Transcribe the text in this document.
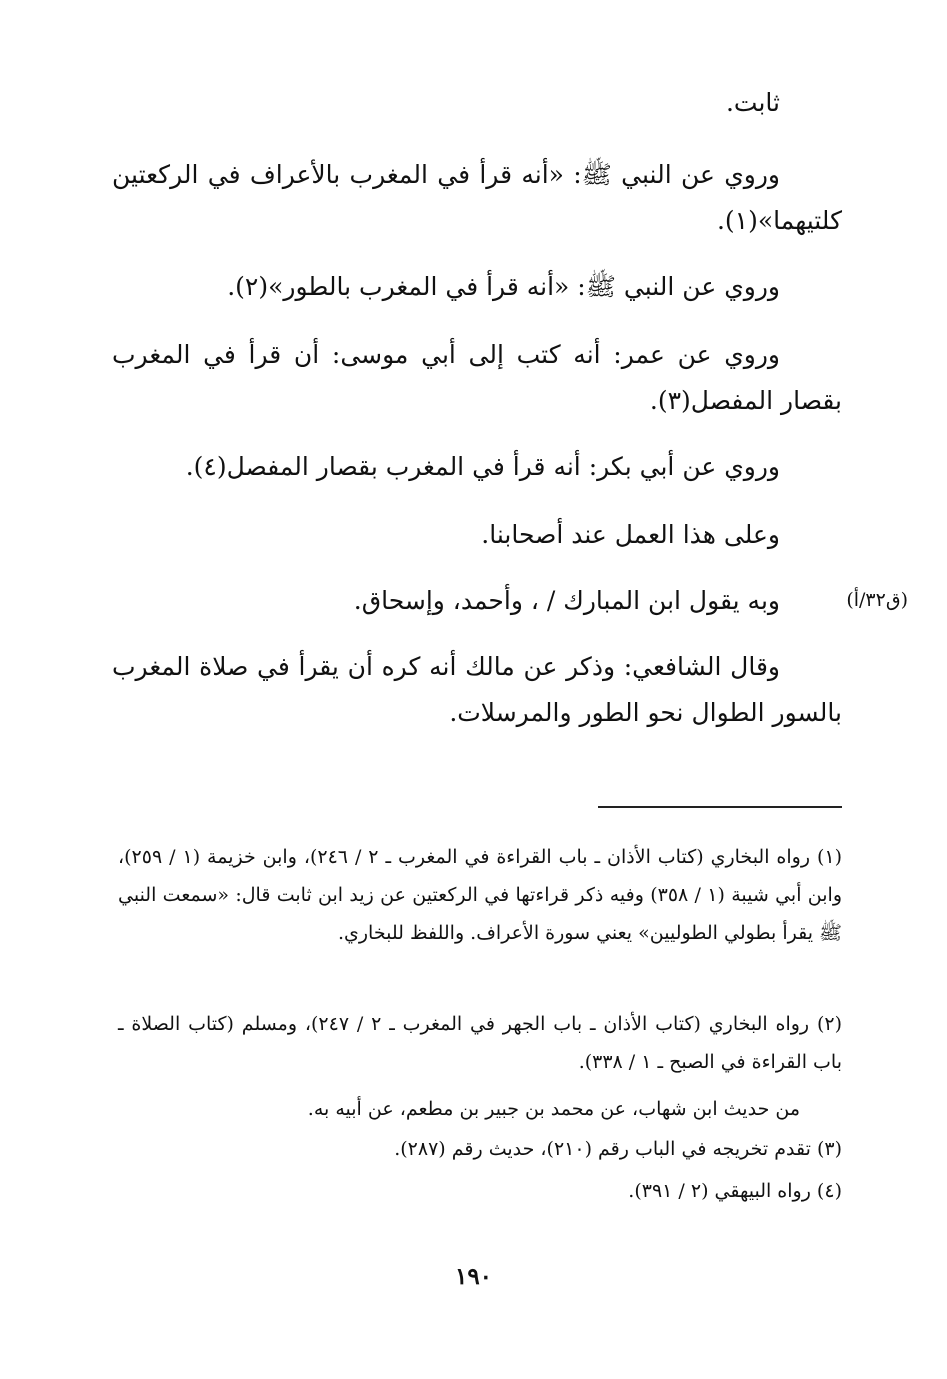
ثابت.
وروي عن النبي ﷺ: «أنه قرأ في المغرب بالأعراف في الركعتين كلتيهما»(١).
وروي عن النبي ﷺ: «أنه قرأ في المغرب بالطور»(٢).
وروي عن عمر: أنه كتب إلى أبي موسى: أن قرأ في المغرب بقصار المفصل(٣).
وروي عن أبي بكر: أنه قرأ في المغرب بقصار المفصل(٤).
وعلى هذا العمل عند أصحابنا.
وبه يقول ابن المبارك / ، وأحمد، وإسحاق.
وقال الشافعي: وذكر عن مالك أنه كره أن يقرأ في صلاة المغرب بالسور الطوال نحو الطور والمرسلات.
(ق٣٢/أ)
(١) رواه البخاري (كتاب الأذان ـ باب القراءة في المغرب ـ ٢ / ٢٤٦)، وابن خزيمة (١ / ٢٥٩)، وابن أبي شيبة (١ / ٣٥٨) وفيه ذكر قراءتها في الركعتين عن زيد ابن ثابت قال: «سمعت النبي ﷺ يقرأ بطولي الطوليين» يعني سورة الأعراف. واللفظ للبخاري.
(٢) رواه البخاري (كتاب الأذان ـ باب الجهر في المغرب ـ ٢ / ٢٤٧)، ومسلم (كتاب الصلاة ـ باب القراءة في الصبح ـ ١ / ٣٣٨).
من حديث ابن شهاب، عن محمد بن جبير بن مطعم، عن أبيه به.
(٣) تقدم تخريجه في الباب رقم (٢١٠)، حديث رقم (٢٨٧).
(٤) رواه البيهقي (٢ / ٣٩١).
١٩٠
